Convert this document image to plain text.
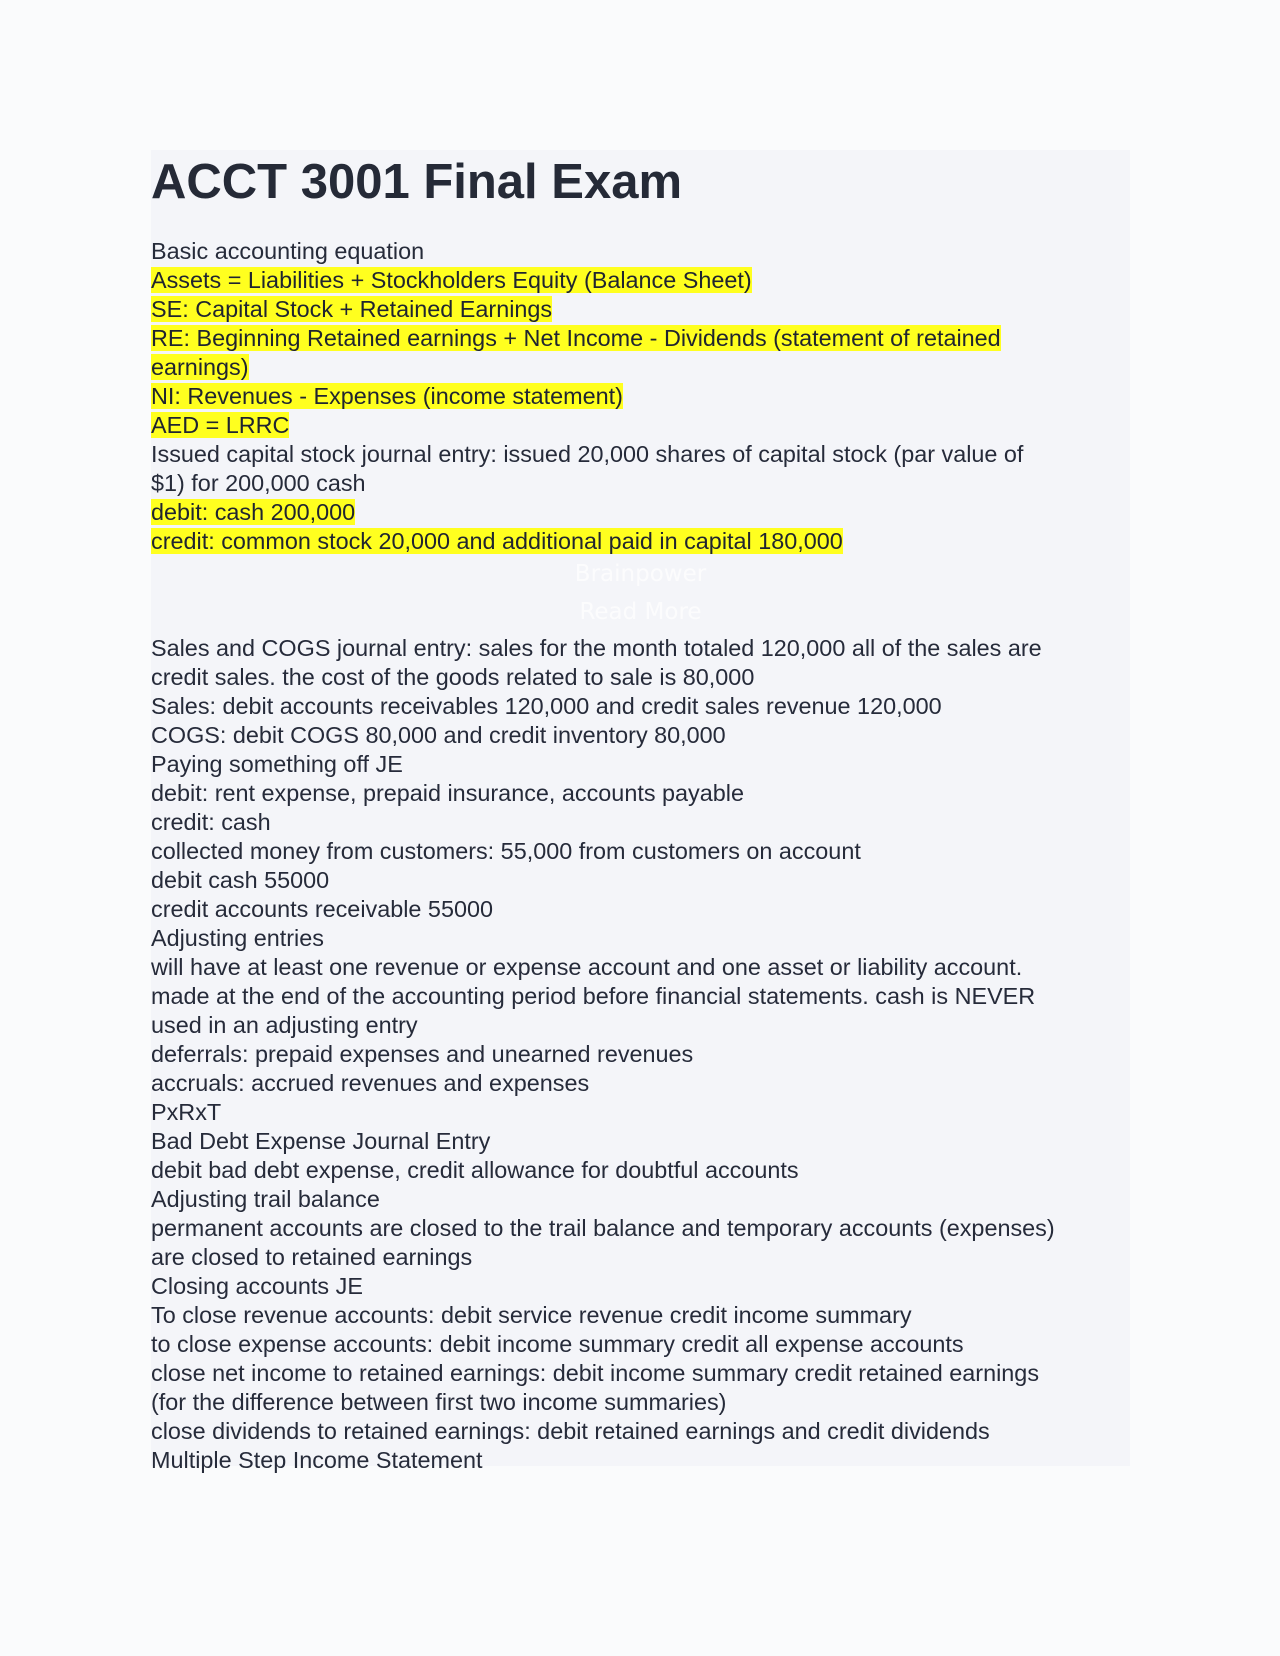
ACCT 3001 Final Exam
Basic accounting equation
Assets = Liabilities + Stockholders Equity (Balance Sheet)
SE: Capital Stock + Retained Earnings
RE: Beginning Retained earnings + Net Income - Dividends (statement of retained
earnings)
NI: Revenues - Expenses (income statement)
AED = LRRC
Issued capital stock journal entry: issued 20,000 shares of capital stock (par value of
$1) for 200,000 cash
debit: cash 200,000
credit: common stock 20,000 and additional paid in capital 180,000
Brainpower
Read More
Sales and COGS journal entry: sales for the month totaled 120,000 all of the sales are
credit sales. the cost of the goods related to sale is 80,000
Sales: debit accounts receivables 120,000 and credit sales revenue 120,000
COGS: debit COGS 80,000 and credit inventory 80,000
Paying something off JE
debit: rent expense, prepaid insurance, accounts payable
credit: cash
collected money from customers: 55,000 from customers on account
debit cash 55000
credit accounts receivable 55000
Adjusting entries
will have at least one revenue or expense account and one asset or liability account.
made at the end of the accounting period before financial statements. cash is NEVER
used in an adjusting entry
deferrals: prepaid expenses and unearned revenues
accruals: accrued revenues and expenses
PxRxT
Bad Debt Expense Journal Entry
debit bad debt expense, credit allowance for doubtful accounts
Adjusting trail balance
permanent accounts are closed to the trail balance and temporary accounts (expenses)
are closed to retained earnings
Closing accounts JE
To close revenue accounts: debit service revenue credit income summary
to close expense accounts: debit income summary credit all expense accounts
close net income to retained earnings: debit income summary credit retained earnings
(for the difference between first two income summaries)
close dividends to retained earnings: debit retained earnings and credit dividends
Multiple Step Income Statement
